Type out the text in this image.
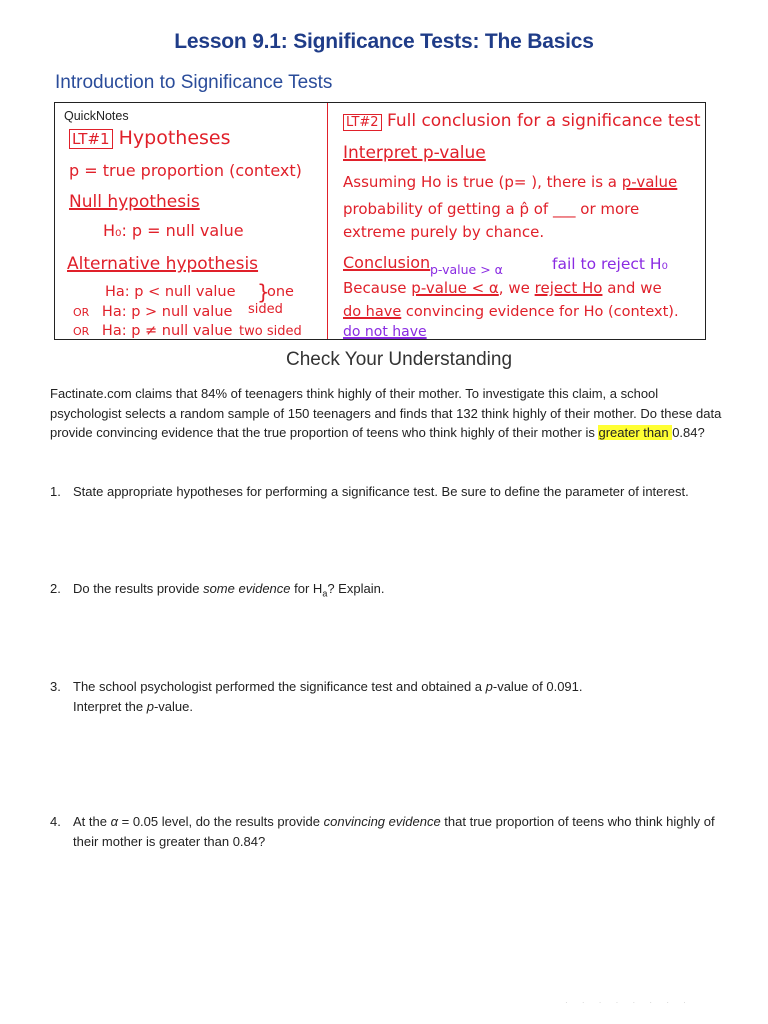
Lesson 9.1: Significance Tests: The Basics
Introduction to Significance Tests
QuickNotes
LT#1 Hypotheses
p = true proportion (context)
Null hypothesis
H₀: p = null value
Alternative hypothesis
Ha: p < null value }
one
OR Ha: p > null value sided
OR Ha: p ≠ null value two sided
LT#2 Full conclusion for a significance test
Interpret p-value
Assuming Ho is true (p= ), there is a p-value
probability of getting a p̂ of ___ or more
extreme purely by chance.
Conclusion p-value > α	fail to reject H₀
Because p-value < α, we reject Ho and we
do have convincing evidence for Ho (context).
do not have
Check Your Understanding
Factinate.com claims that 84% of teenagers think highly of their mother. To investigate this claim, a school psychologist selects a random sample of 150 teenagers and finds that 132 think highly of their mother. Do these data provide convincing evidence that the true proportion of teens who think highly of their mother is greater than 0.84?
1. State appropriate hypotheses for performing a significance test. Be sure to define the parameter of interest.
2. Do the results provide some evidence for $H_a$? Explain.
3. The school psychologist performed the significance test and obtained a p-value of 0.091.
Interpret the p-value.
4. At the α = 0.05 level, do the results provide convincing evidence that true proportion of teens who think highly of their mother is greater than 0.84?
· · · · · · · ·
